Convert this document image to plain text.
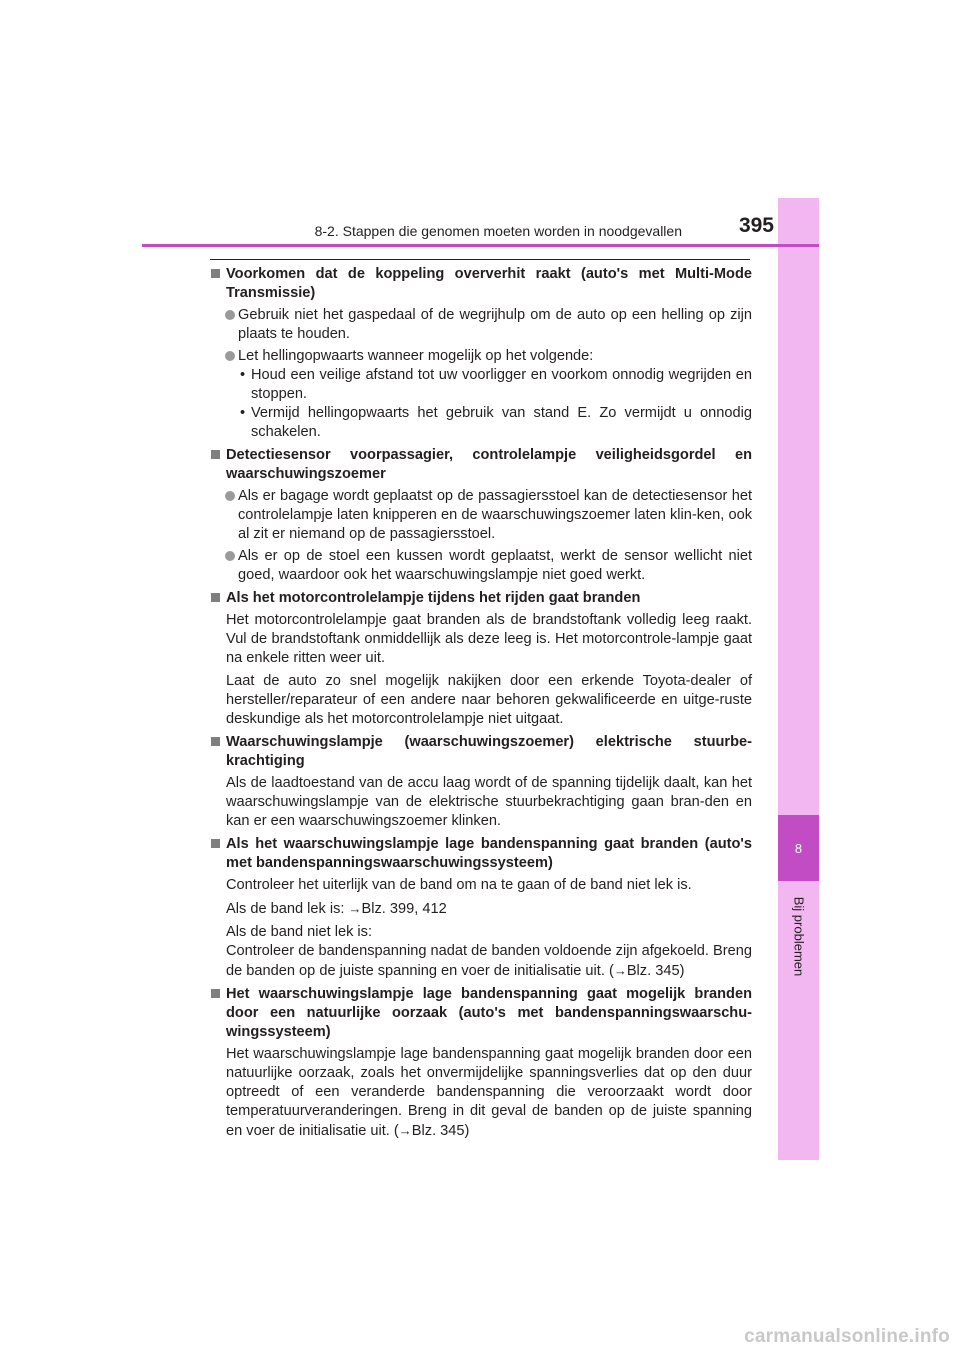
8
Bij problemen
8-2. Stappen die genomen moeten worden in noodgevallen	395
Voorkomen dat de koppeling oververhit raakt (auto's met Multi-Mode Transmissie)
Gebruik niet het gaspedaal of de wegrijhulp om de auto op een helling op zijn plaats te houden.
Let hellingopwaarts wanneer mogelijk op het volgende:
• Houd een veilige afstand tot uw voorligger en voorkom onnodig wegrijden en stoppen.
• Vermijd hellingopwaarts het gebruik van stand E. Zo vermijdt u onnodig schakelen.
Detectiesensor voorpassagier, controlelampje veiligheidsgordel en waarschuwingszoemer
Als er bagage wordt geplaatst op de passagiersstoel kan de detectiesensor het controlelampje laten knipperen en de waarschuwingszoemer laten klin-ken, ook al zit er niemand op de passagiersstoel.
Als er op de stoel een kussen wordt geplaatst, werkt de sensor wellicht niet goed, waardoor ook het waarschuwingslampje niet goed werkt.
Als het motorcontrolelampje tijdens het rijden gaat branden
Het motorcontrolelampje gaat branden als de brandstoftank volledig leeg raakt. Vul de brandstoftank onmiddellijk als deze leeg is. Het motorcontrole-lampje gaat na enkele ritten weer uit.
Laat de auto zo snel mogelijk nakijken door een erkende Toyota-dealer of hersteller/reparateur of een andere naar behoren gekwalificeerde en uitge-ruste deskundige als het motorcontrolelampje niet uitgaat.
Waarschuwingslampje (waarschuwingszoemer) elektrische stuurbe-krachtiging
Als de laadtoestand van de accu laag wordt of de spanning tijdelijk daalt, kan het waarschuwingslampje van de elektrische stuurbekrachtiging gaan bran-den en kan er een waarschuwingszoemer klinken.
Als het waarschuwingslampje lage bandenspanning gaat branden (auto's met bandenspanningswaarschuwingssysteem)
Controleer het uiterlijk van de band om na te gaan of de band niet lek is.
Als de band lek is: →Blz. 399, 412
Als de band niet lek is:
Controleer de bandenspanning nadat de banden voldoende zijn afgekoeld. Breng de banden op de juiste spanning en voer de initialisatie uit. (→Blz. 345)
Het waarschuwingslampje lage bandenspanning gaat mogelijk branden door een natuurlijke oorzaak (auto's met bandenspanningswaarschu-wingssysteem)
Het waarschuwingslampje lage bandenspanning gaat mogelijk branden door een natuurlijke oorzaak, zoals het onvermijdelijke spanningsverlies dat op den duur optreedt of een veranderde bandenspanning die veroorzaakt wordt door temperatuurveranderingen. Breng in dit geval de banden op de juiste spanning en voer de initialisatie uit. (→Blz. 345)
carmanualsonline.info
